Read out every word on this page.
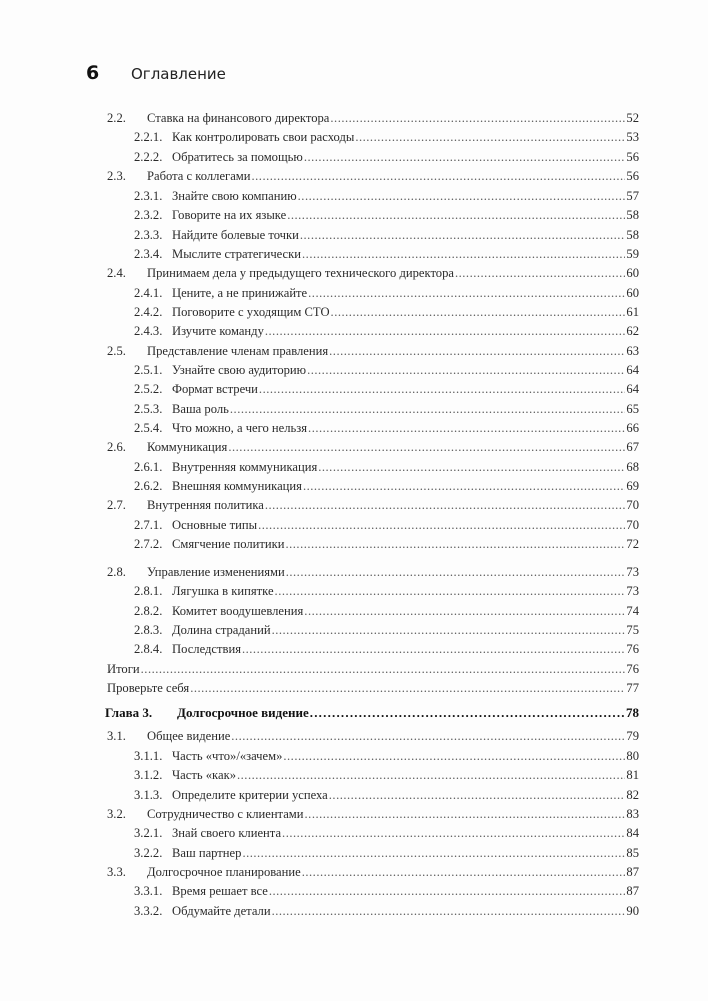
6	Оглавление
2.2.	Ставка на финансового директора .....	52
2.2.1. Как контролировать свои расходы .....	53
2.2.2. Обратитесь за помощью .....	56
2.3.	Работа с коллегами .....	56
2.3.1. Знайте свою компанию .....	57
2.3.2. Говорите на их языке .....	58
2.3.3. Найдите болевые точки .....	58
2.3.4. Мыслите стратегически .....	59
2.4.	Принимаем дела у предыдущего технического директора .....	60
2.4.1. Цените, а не принижайте .....	60
2.4.2. Поговорите с уходящим СТО .....	61
2.4.3. Изучите команду .....	62
2.5.	Представление членам правления .....	63
2.5.1. Узнайте свою аудиторию .....	64
2.5.2. Формат встречи .....	64
2.5.3. Ваша роль .....	65
2.5.4. Что можно, а чего нельзя .....	66
2.6.	Коммуникация .....	67
2.6.1. Внутренняя коммуникация .....	68
2.6.2. Внешняя коммуникация .....	69
2.7.	Внутренняя политика .....	70
2.7.1. Основные типы .....	70
2.7.2. Смягчение политики .....	72
2.8.	Управление изменениями .....	73
2.8.1. Лягушка в кипятке .....	73
2.8.2. Комитет воодушевления .....	74
2.8.3. Долина страданий .....	75
2.8.4. Последствия .....	76
Итоги .....	76
Проверьте себя .....	77
Глава 3.	Долгосрочное видение .....	78
3.1.	Общее видение .....	79
3.1.1. Часть «что»/«зачем» .....	80
3.1.2. Часть «как» .....	81
3.1.3. Определите критерии успеха .....	82
3.2.	Сотрудничество с клиентами .....	83
3.2.1. Знай своего клиента .....	84
3.2.2. Ваш партнер .....	85
3.3.	Долгосрочное планирование .....	87
3.3.1. Время решает все .....	87
3.3.2. Обдумайте детали .....	90
